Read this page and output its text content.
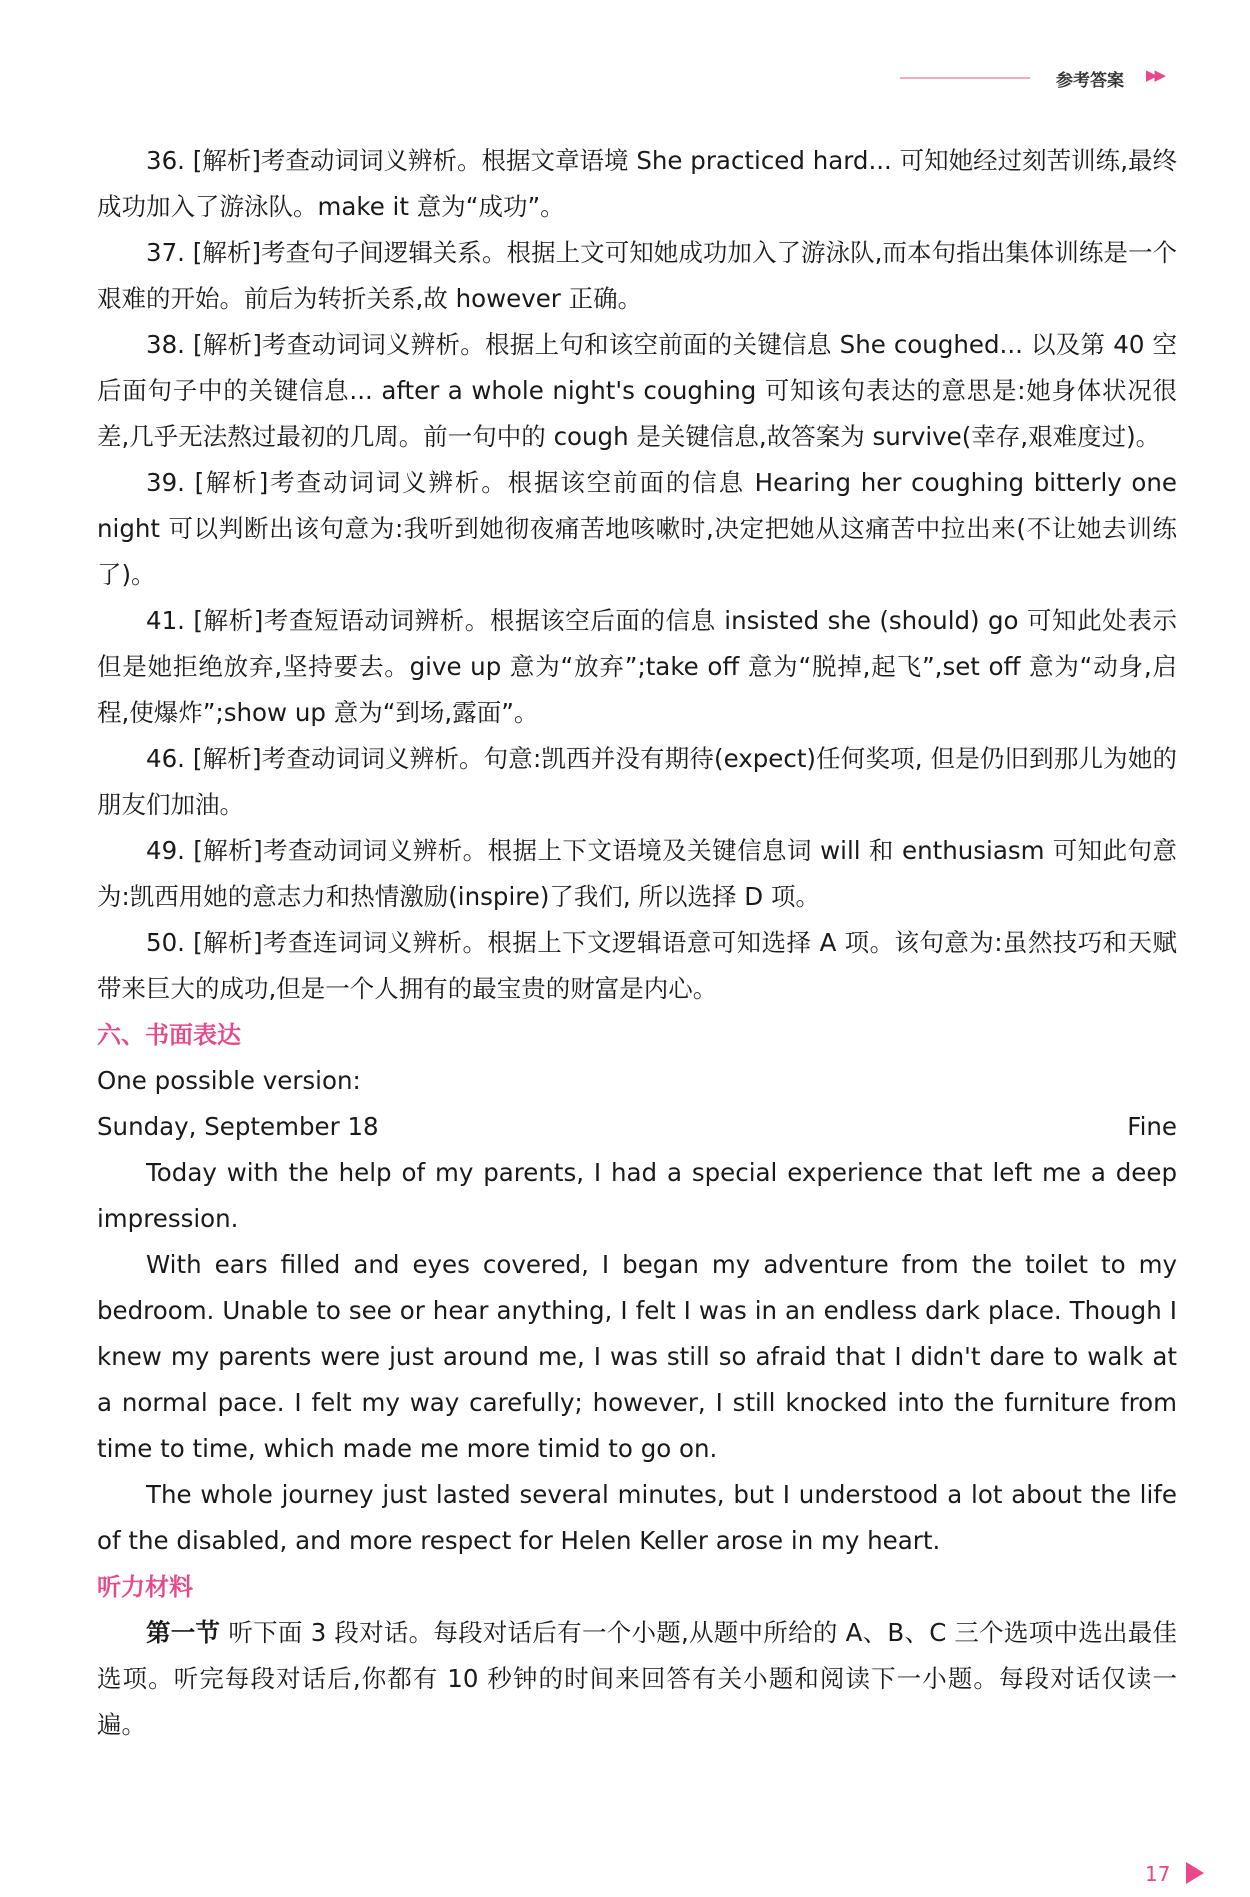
参考答案 ▶▶

36. [解析]考查动词词义辨析。根据文章语境 She practiced hard... 可知她经过刻苦训练,最终成功加入了游泳队。make it 意为“成功”。

37. [解析]考查句子间逻辑关系。根据上文可知她成功加入了游泳队,而本句指出集体训练是一个艰难的开始。前后为转折关系,故 however 正确。

38. [解析]考查动词词义辨析。根据上句和该空前面的关键信息 She coughed... 以及第 40 空后面句子中的关键信息... after a whole night's coughing 可知该句表达的意思是:她身体状况很差,几乎无法熬过最初的几周。前一句中的 cough 是关键信息,故答案为 survive(幸存,艰难度过)。

39. [解析]考查动词词义辨析。根据该空前面的信息 Hearing her coughing bitterly one night 可以判断出该句意为:我听到她彻夜痛苦地咳嗽时,决定把她从这痛苦中拉出来(不让她去训练了)。

41. [解析]考查短语动词辨析。根据该空后面的信息 insisted she (should) go 可知此处表示但是她拒绝放弃,坚持要去。give up 意为“放弃”;take off 意为“脱掉,起飞”,set off 意为“动身,启程,使爆炸”;show up 意为“到场,露面”。

46. [解析]考查动词词义辨析。句意:凯西并没有期待(expect)任何奖项, 但是仍旧到那儿为她的朋友们加油。

49. [解析]考查动词词义辨析。根据上下文语境及关键信息词 will 和 enthusiasm 可知此句意为:凯西用她的意志力和热情激励(inspire)了我们, 所以选择 D 项。

50. [解析]考查连词词义辨析。根据上下文逻辑语意可知选择 A 项。该句意为:虽然技巧和天赋带来巨大的成功,但是一个人拥有的最宝贵的财富是内心。

六、书面表达

One possible version:

Sunday, September 18	Fine

Today with the help of my parents, I had a special experience that left me a deep impression.

With ears filled and eyes covered, I began my adventure from the toilet to my bedroom. Unable to see or hear anything, I felt I was in an endless dark place. Though I knew my parents were just around me, I was still so afraid that I didn't dare to walk at a normal pace. I felt my way carefully; however, I still knocked into the furniture from time to time, which made me more timid to go on.

The whole journey just lasted several minutes, but I understood a lot about the life of the disabled, and more respect for Helen Keller arose in my heart.

听力材料

第一节 听下面 3 段对话。每段对话后有一个小题,从题中所给的 A、B、C 三个选项中选出最佳选项。听完每段对话后,你都有 10 秒钟的时间来回答有关小题和阅读下一小题。每段对话仅读一遍。

17
